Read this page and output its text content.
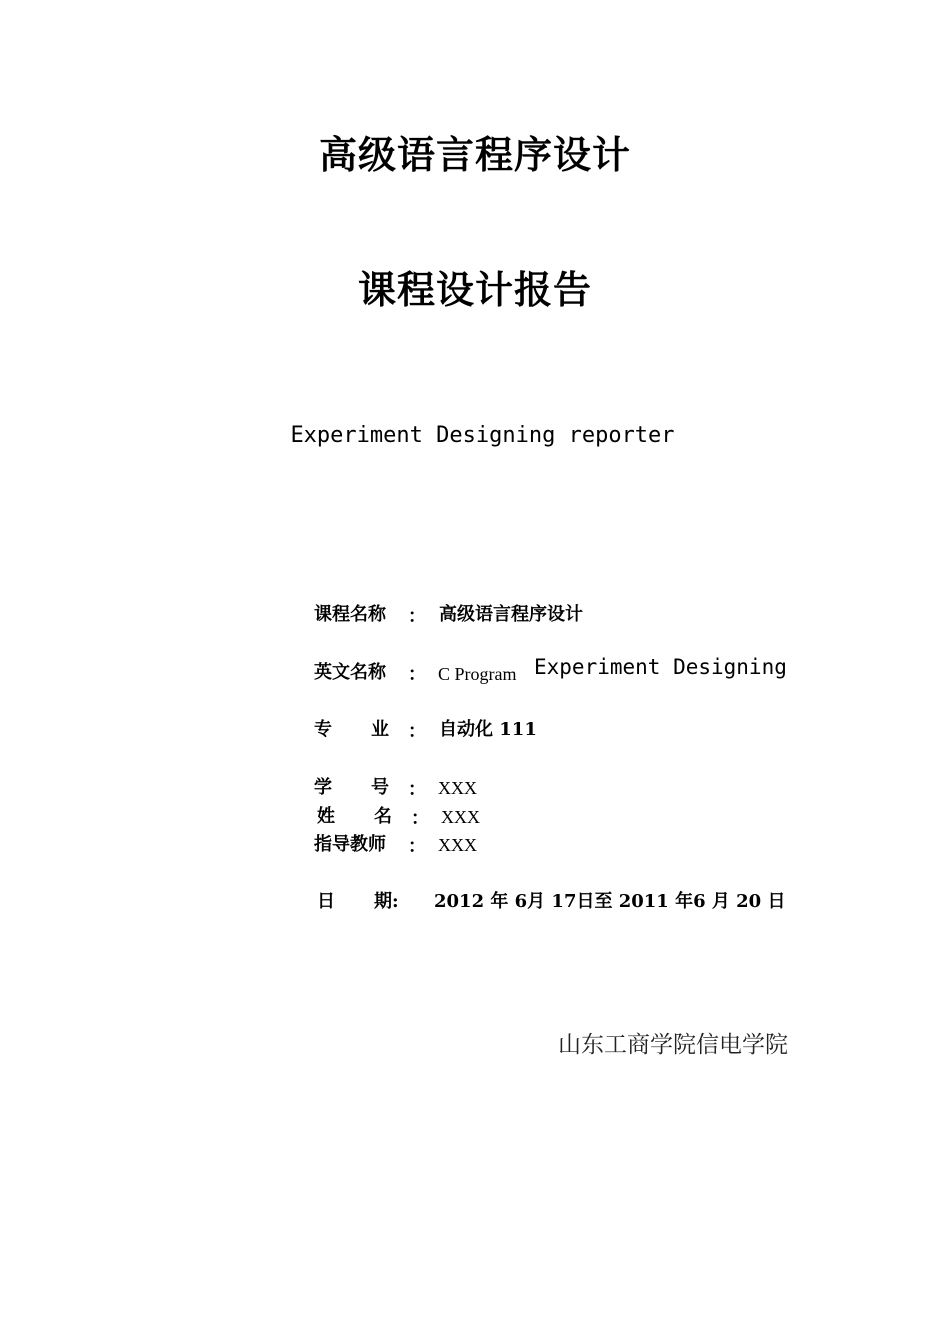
高级语言程序设计
课程设计报告
Experiment Designing reporter
课程名称 ： 高级语言程序设计
英文名称 ： C Program Experiment Designing
专 业 ： 自动化 111
学 号 ： XXX
姓 名 ： XXX
指导教师 ： XXX
日 期: 2012 年 6月 17日至 2011 年6 月 20 日
山东工商学院信电学院
